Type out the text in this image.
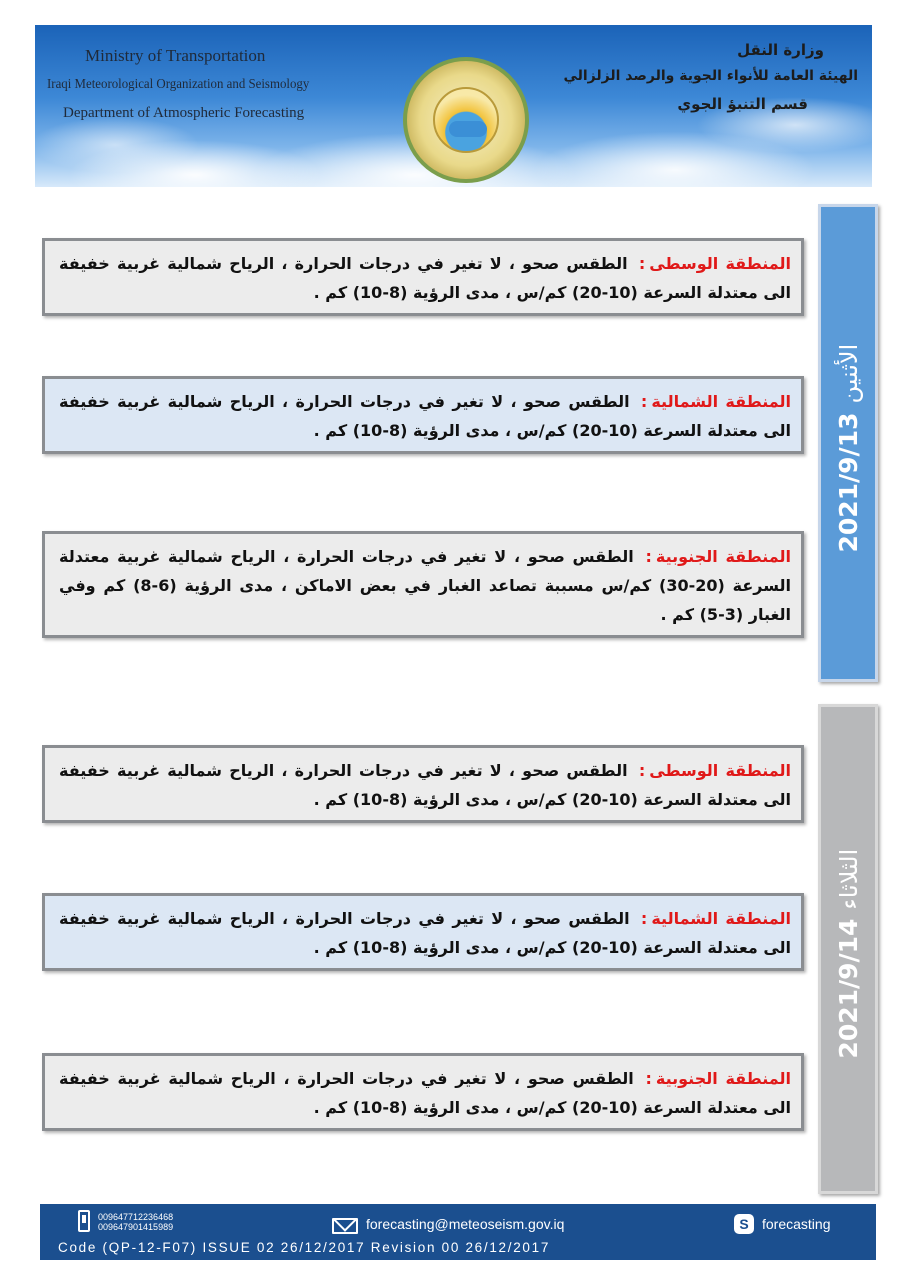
Ministry of Transportation
Iraqi Meteorological Organization and Seismology
Department of Atmospheric Forecasting
وزارة النقل
الهيئة العامة للأنواء الجوية والرصد الزلزالي
قسم التنبؤ الجوي
2021/9/13 الأثنين
المنطقة الوسطى: الطقس صحو ، لا تغير في درجات الحرارة ، الرياح شمالية غربية خفيفة الى معتدلة السرعة (10-20) كم/س ، مدى الرؤية (8-10) كم .
المنطقة الشمالية: الطقس صحو ، لا تغير في درجات الحرارة ، الرياح شمالية غربية خفيفة الى معتدلة السرعة (10-20) كم/س ، مدى الرؤية (8-10) كم .
المنطقة الجنوبية: الطقس صحو ، لا تغير في درجات الحرارة ، الرياح شمالية غربية معتدلة السرعة (20-30) كم/س مسببة تصاعد الغبار في بعض الاماكن ، مدى الرؤية (6-8) كم وفي الغبار (3-5) كم .
2021/9/14 الثلاثاء
المنطقة الوسطى: الطقس صحو ، لا تغير في درجات الحرارة ، الرياح شمالية غربية خفيفة الى معتدلة السرعة (10-20) كم/س ، مدى الرؤية (8-10) كم .
المنطقة الشمالية: الطقس صحو ، لا تغير في درجات الحرارة ، الرياح شمالية غربية خفيفة الى معتدلة السرعة (10-20) كم/س ، مدى الرؤية (8-10) كم .
المنطقة الجنوبية: الطقس صحو ، لا تغير في درجات الحرارة ، الرياح شمالية غربية خفيفة الى معتدلة السرعة (10-20) كم/س ، مدى الرؤية (8-10) كم .
009647712236468
009647901415989	forecasting@meteoseism.gov.iq	S forecasting
Code (QP-12-F07) ISSUE 02 26/12/2017 Revision 00 26/12/2017
